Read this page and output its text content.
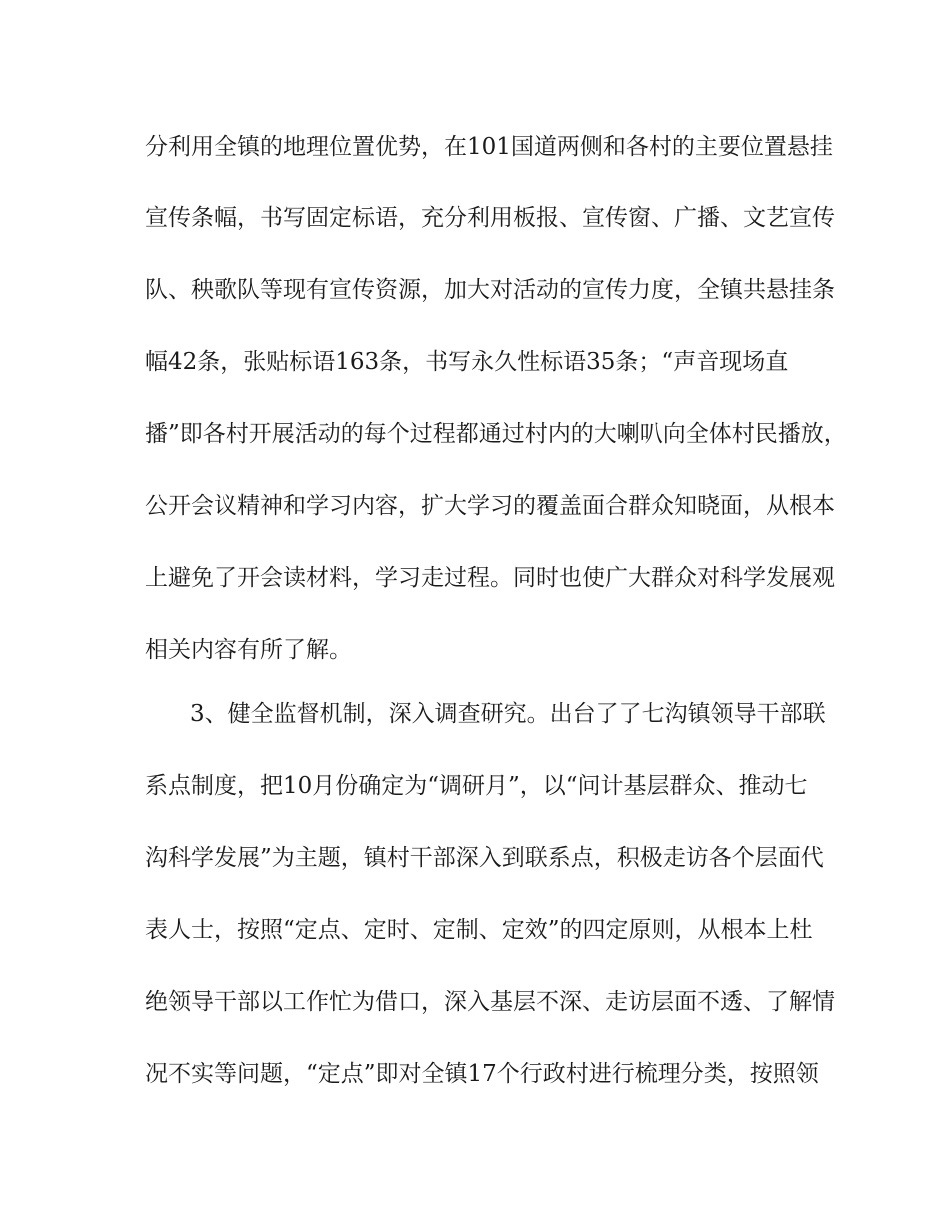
分利用全镇的地理位置优势，在101国道两侧和各村的主要位置悬挂
宣传条幅，书写固定标语，充分利用板报、宣传窗、广播、文艺宣传
队、秧歌队等现有宣传资源，加大对活动的宣传力度，全镇共悬挂条
幅42条，张贴标语163条，书写永久性标语35条；“声音现场直
播”即各村开展活动的每个过程都通过村内的大喇叭向全体村民播放，
公开会议精神和学习内容，扩大学习的覆盖面合群众知晓面，从根本
上避免了开会读材料，学习走过程。同时也使广大群众对科学发展观
相关内容有所了解。
3、健全监督机制，深入调查研究。出台了了七沟镇领导干部联
系点制度，把10月份确定为“调研月”，以“问计基层群众、推动七
沟科学发展”为主题，镇村干部深入到联系点，积极走访各个层面代
表人士，按照“定点、定时、定制、定效”的四定原则，从根本上杜
绝领导干部以工作忙为借口，深入基层不深、走访层面不透、了解情
况不实等问题，“定点”即对全镇17个行政村进行梳理分类，按照领
